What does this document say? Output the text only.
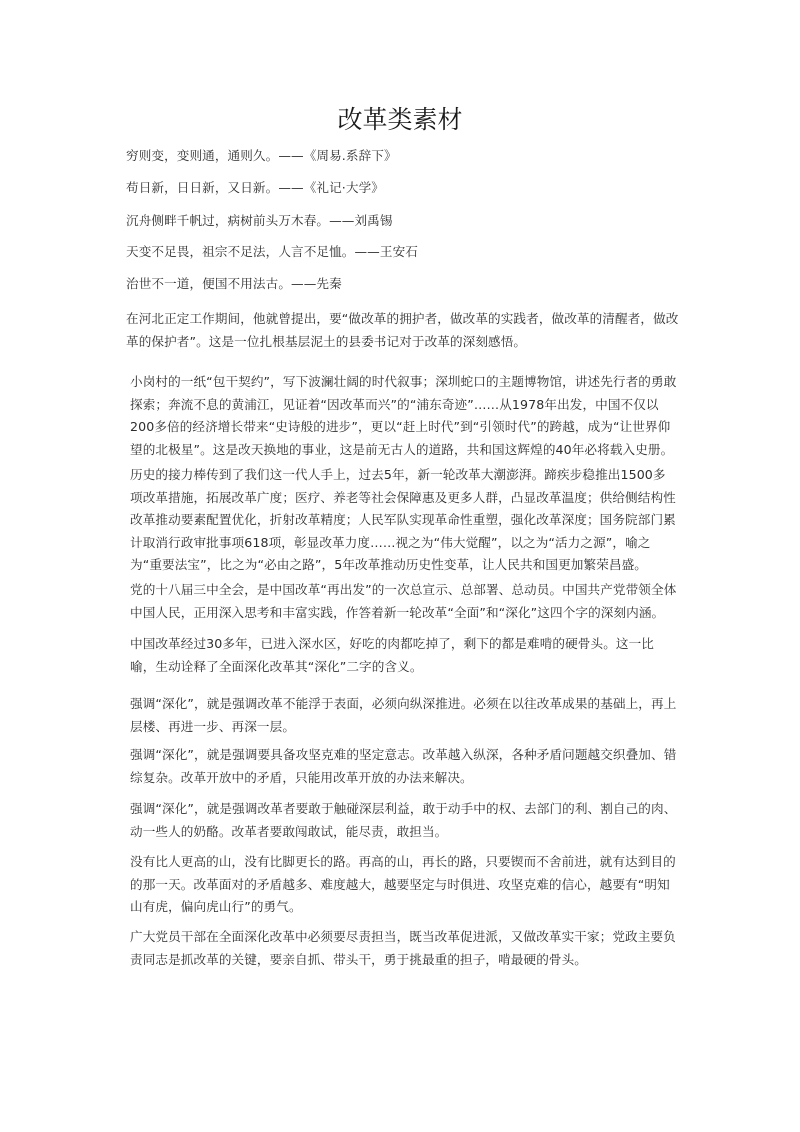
改革类素材

穷则变，变则通，通则久。——《周易.系辞下》

苟日新，日日新，又日新。——《礼记·大学》

沉舟侧畔千帆过，病树前头万木春。——刘禹锡

天变不足畏，祖宗不足法，人言不足恤。——王安石

治世不一道，便国不用法古。——先秦

在河北正定工作期间，他就曾提出，要“做改革的拥护者，做改革的实践者，做改革的清醒者，做改革的保护者”。这是一位扎根基层泥土的县委书记对于改革的深刻感悟。

小岗村的一纸“包干契约”，写下波澜壮阔的时代叙事；深圳蛇口的主题博物馆，讲述先行者的勇敢探索；奔流不息的黄浦江，见证着“因改革而兴”的“浦东奇迹”……从1978年出发，中国不仅以200多倍的经济增长带来“史诗般的进步”，更以“赶上时代”到“引领时代”的跨越，成为“让世界仰望的北极星”。这是改天换地的事业，这是前无古人的道路，共和国这辉煌的40年必将载入史册。

历史的接力棒传到了我们这一代人手上，过去5年，新一轮改革大潮澎湃。蹄疾步稳推出1500多项改革措施，拓展改革广度；医疗、养老等社会保障惠及更多人群，凸显改革温度；供给侧结构性改革推动要素配置优化，折射改革精度；人民军队实现革命性重塑，强化改革深度；国务院部门累计取消行政审批事项618项，彰显改革力度……视之为“伟大觉醒”，以之为“活力之源”，喻之为“重要法宝”，比之为“必由之路”，5年改革推动历史性变革，让人民共和国更加繁荣昌盛。

党的十八届三中全会，是中国改革“再出发”的一次总宣示、总部署、总动员。中国共产党带领全体中国人民，正用深入思考和丰富实践，作答着新一轮改革“全面”和“深化”这四个字的深刻内涵。

中国改革经过30多年，已进入深水区，好吃的肉都吃掉了，剩下的都是难啃的硬骨头。这一比喻，生动诠释了全面深化改革其“深化”二字的含义。

强调“深化”，就是强调改革不能浮于表面，必须向纵深推进。必须在以往改革成果的基础上，再上层楼、再进一步、再深一层。

强调“深化”，就是强调要具备攻坚克难的坚定意志。改革越入纵深，各种矛盾问题越交织叠加、错综复杂。改革开放中的矛盾，只能用改革开放的办法来解决。

强调“深化”，就是强调改革者要敢于触碰深层利益，敢于动手中的权、去部门的利、割自己的肉、动一些人的奶酪。改革者要敢闯敢试，能尽责，敢担当。

没有比人更高的山，没有比脚更长的路。再高的山，再长的路，只要锲而不舍前进，就有达到目的的那一天。改革面对的矛盾越多、难度越大，越要坚定与时俱进、攻坚克难的信心，越要有“明知山有虎，偏向虎山行”的勇气。

广大党员干部在全面深化改革中必须要尽责担当，既当改革促进派，又做改革实干家；党政主要负责同志是抓改革的关键，要亲自抓、带头干，勇于挑最重的担子，啃最硬的骨头。
